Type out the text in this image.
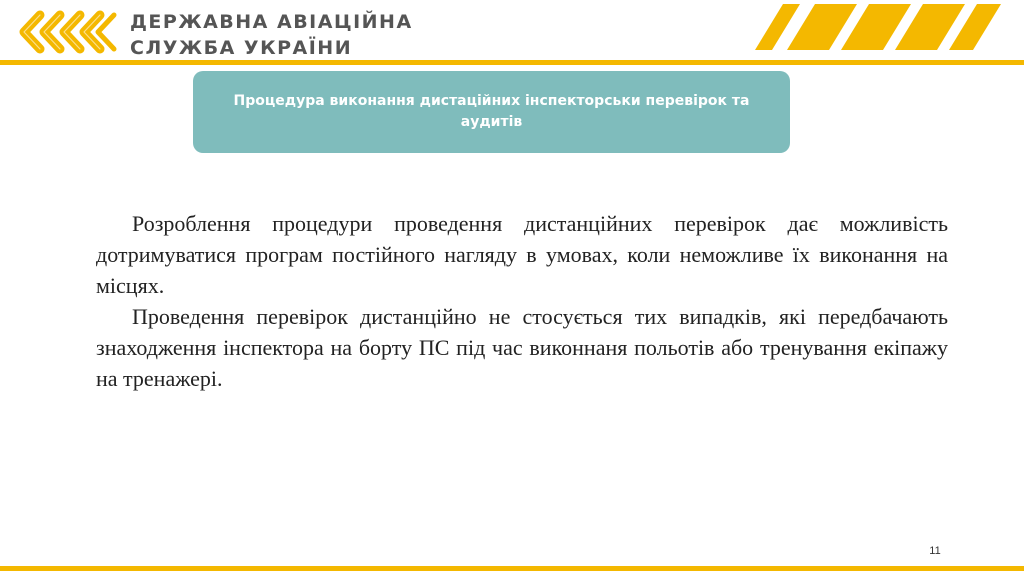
ДЕРЖАВНА АВІАЦІЙНА
СЛУЖБА УКРАЇНИ

Процедура виконання дистаційних інспекторськи перевірок та аудитів

Розроблення процедури проведення дистанційних перевірок дає можливість дотримуватися програм постійного нагляду в умовах, коли неможливе їх виконання на місцях.

Проведення перевірок дистанційно не стосується тих випадків, які передбачають знаходження інспектора на борту ПС під час виконнаня польотів або тренування екіпажу на тренажері.

11
